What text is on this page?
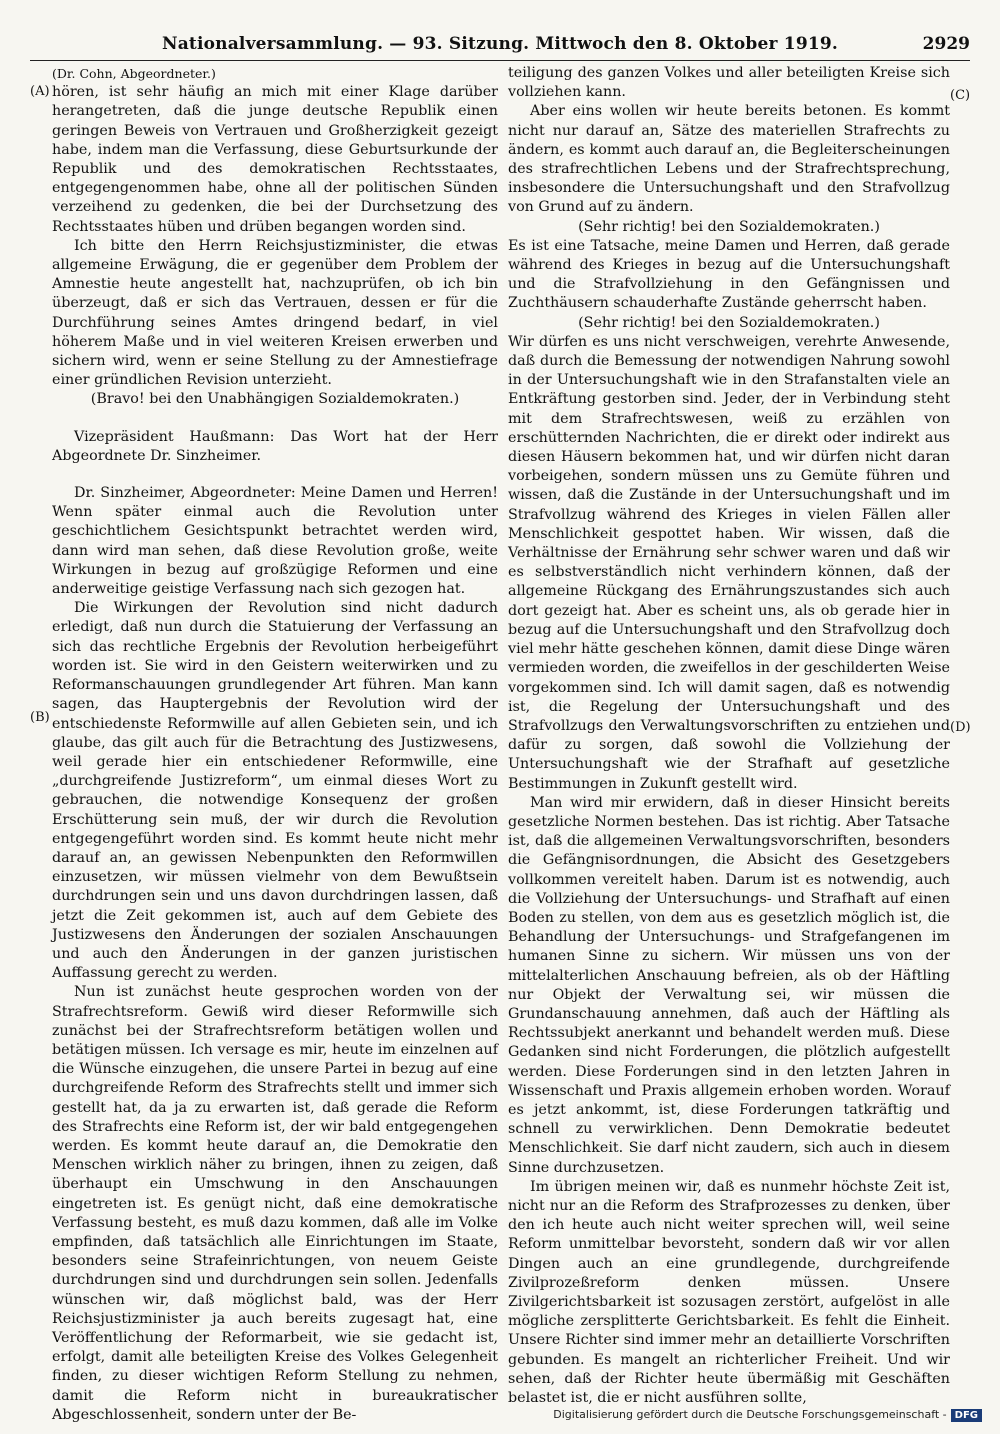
Nationalversammlung. — 93. Sitzung. Mittwoch den 8. Oktober 1919.	2929
(A)
(B)
(C)
(D)

(Dr. Cohn, Abgeordneter.)

hören, ist sehr häufig an mich mit einer Klage darüber herangetreten, daß die junge deutsche Republik einen geringen Beweis von Vertrauen und Großherzigkeit gezeigt habe, indem man die Verfassung, diese Geburtsurkunde der Republik und des demokratischen Rechtsstaates, entgegengenommen habe, ohne all der politischen Sünden verzeihend zu gedenken, die bei der Durchsetzung des Rechtsstaates hüben und drüben begangen worden sind.

Ich bitte den Herrn Reichsjustizminister, die etwas allgemeine Erwägung, die er gegenüber dem Problem der Amnestie heute angestellt hat, nachzuprüfen, ob ich bin überzeugt, daß er sich das Vertrauen, dessen er für die Durchführung seines Amtes dringend bedarf, in viel höherem Maße und in viel weiteren Kreisen erwerben und sichern wird, wenn er seine Stellung zu der Amnestiefrage einer gründlichen Revision unterzieht.

(Bravo! bei den Unabhängigen Sozialdemokraten.)

Vizepräsident Haußmann: Das Wort hat der Herr Abgeordnete Dr. Sinzheimer.

Dr. Sinzheimer, Abgeordneter: Meine Damen und Herren! Wenn später einmal auch die Revolution unter geschichtlichem Gesichtspunkt betrachtet werden wird, dann wird man sehen, daß diese Revolution große, weite Wirkungen in bezug auf großzügige Reformen und eine anderweitige geistige Verfassung nach sich gezogen hat.

Die Wirkungen der Revolution sind nicht dadurch erledigt, daß nun durch die Statuierung der Verfassung an sich das rechtliche Ergebnis der Revolution herbeigeführt worden ist. Sie wird in den Geistern weiterwirken und zu Reformanschauungen grundlegender Art führen. Man kann sagen, das Hauptergebnis der Revolution wird der entschiedenste Reformwille auf allen Gebieten sein, und ich glaube, das gilt auch für die Betrachtung des Justizwesens, weil gerade hier ein entschiedener Reformwille, eine „durchgreifende Justizreform“, um einmal dieses Wort zu gebrauchen, die notwendige Konsequenz der großen Erschütterung sein muß, der wir durch die Revolution entgegengeführt worden sind. Es kommt heute nicht mehr darauf an, an gewissen Nebenpunkten den Reformwillen einzusetzen, wir müssen vielmehr von dem Bewußtsein durchdrungen sein und uns davon durchdringen lassen, daß jetzt die Zeit gekommen ist, auch auf dem Gebiete des Justizwesens den Änderungen der sozialen Anschauungen und auch den Änderungen in der ganzen juristischen Auffassung gerecht zu werden.

Nun ist zunächst heute gesprochen worden von der Strafrechtsreform. Gewiß wird dieser Reformwille sich zunächst bei der Strafrechtsreform betätigen wollen und betätigen müssen. Ich versage es mir, heute im einzelnen auf die Wünsche einzugehen, die unsere Partei in bezug auf eine durchgreifende Reform des Strafrechts stellt und immer sich gestellt hat, da ja zu erwarten ist, daß gerade die Reform des Strafrechts eine Reform ist, der wir bald entgegengehen werden. Es kommt heute darauf an, die Demokratie den Menschen wirklich näher zu bringen, ihnen zu zeigen, daß überhaupt ein Umschwung in den Anschauungen eingetreten ist. Es genügt nicht, daß eine demokratische Verfassung besteht, es muß dazu kommen, daß alle im Volke empfinden, daß tatsächlich alle Einrichtungen im Staate, besonders seine Strafeinrichtungen, von neuem Geiste durchdrungen sind und durchdrungen sein sollen. Jedenfalls wünschen wir, daß möglichst bald, was der Herr Reichsjustizminister ja auch bereits zugesagt hat, eine Veröffentlichung der Reformarbeit, wie sie gedacht ist, erfolgt, damit alle beteiligten Kreise des Volkes Gelegenheit finden, zu dieser wichtigen Reform Stellung zu nehmen, damit die Reform nicht in bureaukratischer Abgeschlossenheit, sondern unter der Be-

teiligung des ganzen Volkes und aller beteiligten Kreise sich vollziehen kann.

Aber eins wollen wir heute bereits betonen. Es kommt nicht nur darauf an, Sätze des materiellen Strafrechts zu ändern, es kommt auch darauf an, die Begleiterscheinungen des strafrechtlichen Lebens und der Strafrechtsprechung, insbesondere die Untersuchungshaft und den Strafvollzug von Grund auf zu ändern.

(Sehr richtig! bei den Sozialdemokraten.)

Es ist eine Tatsache, meine Damen und Herren, daß gerade während des Krieges in bezug auf die Untersuchungshaft und die Strafvollziehung in den Gefängnissen und Zuchthäusern schauderhafte Zustände geherrscht haben.

(Sehr richtig! bei den Sozialdemokraten.)

Wir dürfen es uns nicht verschweigen, verehrte Anwesende, daß durch die Bemessung der notwendigen Nahrung sowohl in der Untersuchungshaft wie in den Strafanstalten viele an Entkräftung gestorben sind. Jeder, der in Verbindung steht mit dem Strafrechtswesen, weiß zu erzählen von erschütternden Nachrichten, die er direkt oder indirekt aus diesen Häusern bekommen hat, und wir dürfen nicht daran vorbeigehen, sondern müssen uns zu Gemüte führen und wissen, daß die Zustände in der Untersuchungshaft und im Strafvollzug während des Krieges in vielen Fällen aller Menschlichkeit gespottet haben. Wir wissen, daß die Verhältnisse der Ernährung sehr schwer waren und daß wir es selbstverständlich nicht verhindern können, daß der allgemeine Rückgang des Ernährungszustandes sich auch dort gezeigt hat. Aber es scheint uns, als ob gerade hier in bezug auf die Untersuchungshaft und den Strafvollzug doch viel mehr hätte geschehen können, damit diese Dinge wären vermieden worden, die zweifellos in der geschilderten Weise vorgekommen sind. Ich will damit sagen, daß es notwendig ist, die Regelung der Untersuchungshaft und des Strafvollzugs den Verwaltungsvorschriften zu entziehen und dafür zu sorgen, daß sowohl die Vollziehung der Untersuchungshaft wie der Strafhaft auf gesetzliche Bestimmungen in Zukunft gestellt wird.

Man wird mir erwidern, daß in dieser Hinsicht bereits gesetzliche Normen bestehen. Das ist richtig. Aber Tatsache ist, daß die allgemeinen Verwaltungsvorschriften, besonders die Gefängnisordnungen, die Absicht des Gesetzgebers vollkommen vereitelt haben. Darum ist es notwendig, auch die Vollziehung der Untersuchungs- und Strafhaft auf einen Boden zu stellen, von dem aus es gesetzlich möglich ist, die Behandlung der Untersuchungs- und Strafgefangenen im humanen Sinne zu sichern. Wir müssen uns von der mittelalterlichen Anschauung befreien, als ob der Häftling nur Objekt der Verwaltung sei, wir müssen die Grundanschauung annehmen, daß auch der Häftling als Rechtssubjekt anerkannt und behandelt werden muß. Diese Gedanken sind nicht Forderungen, die plötzlich aufgestellt werden. Diese Forderungen sind in den letzten Jahren in Wissenschaft und Praxis allgemein erhoben worden. Worauf es jetzt ankommt, ist, diese Forderungen tatkräftig und schnell zu verwirklichen. Denn Demokratie bedeutet Menschlichkeit. Sie darf nicht zaudern, sich auch in diesem Sinne durchzusetzen.

Im übrigen meinen wir, daß es nunmehr höchste Zeit ist, nicht nur an die Reform des Strafprozesses zu denken, über den ich heute auch nicht weiter sprechen will, weil seine Reform unmittelbar bevorsteht, sondern daß wir vor allen Dingen auch an eine grundlegende, durchgreifende Zivilprozeßreform denken müssen. Unsere Zivilgerichtsbarkeit ist sozusagen zerstört, aufgelöst in alle mögliche zersplitterte Gerichtsbarkeit. Es fehlt die Einheit. Unsere Richter sind immer mehr an detaillierte Vorschriften gebunden. Es mangelt an richterlicher Freiheit. Und wir sehen, daß der Richter heute übermäßig mit Geschäften belastet ist, die er nicht ausführen sollte,

Digitalisierung gefördert durch die Deutsche Forschungsgemeinschaft - DFG
